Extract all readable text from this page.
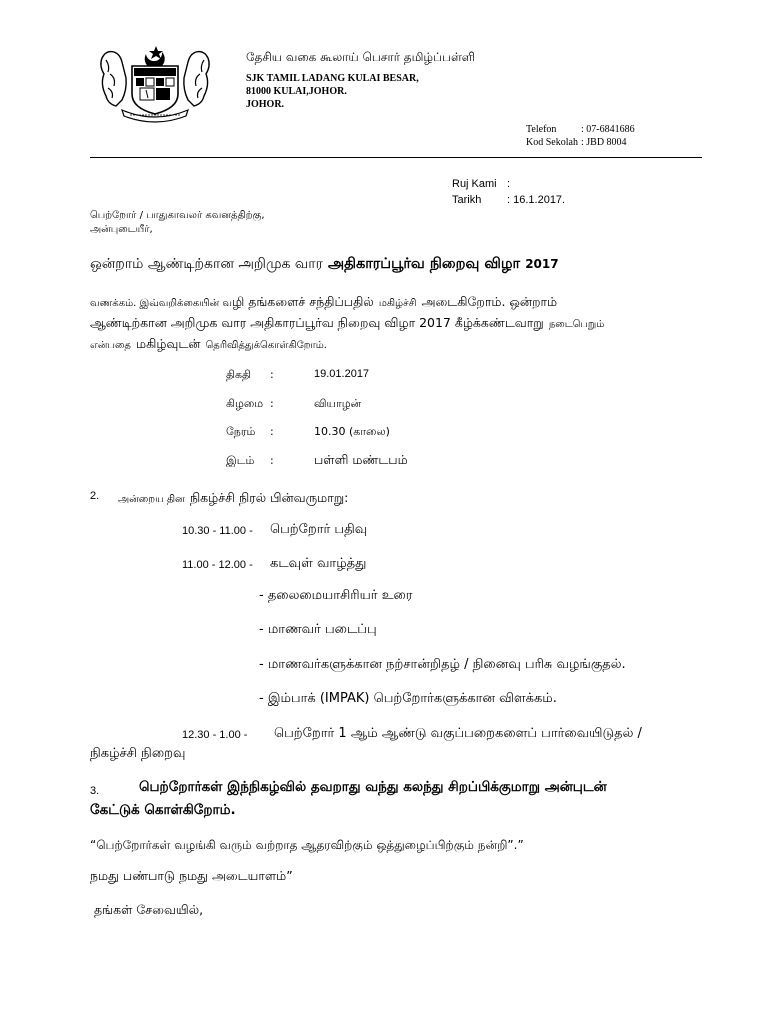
தேசிய வகை கூலாய் பெசார் தமிழ்ப்பள்ளி
SJK TAMIL LADANG KULAI BESAR,
81000 KULAI,JOHOR.
JOHOR.
Telefon : 07-6841686
Kod Sekolah : JBD 8004
Ruj Kami :
Tarikh : 16.1.2017.
பெற்றோர் / பாதுகாவலர் கவனத்திற்கு,
அன்புடையீர்,
ஒன்றாம் ஆண்டிற்கான அறிமுக வார அதிகாரப்பூர்வ நிறைவு விழா 2017
வணக்கம். இவ்வறிக்கையின் வழி தங்களைச் சந்திப்பதில் மகிழ்ச்சி அடைகிறோம். ஒன்றாம்
ஆண்டிற்கான அறிமுக வார அதிகாரப்பூர்வ நிறைவு விழா 2017 கீழ்க்கண்டவாறு நடைபெறும்
என்பதை மகிழ்வுடன் தெரிவித்துக்கொள்கிறோம்.
திகதி :	19.01.2017
கிழமை :	வியாழன்
நேரம் :	10.30 (காலை)
இடம் :	பள்ளி மண்டபம்
2. அன்றைய தின நிகழ்ச்சி நிரல் பின்வருமாறு:
10.30 - 11.00 - பெற்றோர் பதிவு
11.00 - 12.00 - கடவுள் வாழ்த்து
- தலைமையாசிரியர் உரை
- மாணவர் படைப்பு
- மாணவர்களுக்கான நற்சான்றிதழ் / நினைவு பரிசு வழங்குதல்.
- இம்பாக் (IMPAK) பெற்றோர்களுக்கான விளக்கம்.
12.30 - 1.00 - பெற்றோர் 1 ஆம் ஆண்டு வகுப்பறைகளைப் பார்வையிடுதல் /
நிகழ்ச்சி நிறைவு
3.	பெற்றோர்கள் இந்நிகழ்வில் தவறாது வந்து கலந்து சிறப்பிக்குமாறு அன்புடன்
கேட்டுக் கொள்கிறோம்.
“பெற்றோர்கள் வழங்கி வரும் வற்றாத ஆதரவிற்கும் ஒத்துழைப்பிற்கும் நன்றி”.”
நமது பண்பாடு நமது அடையாளம்”
தங்கள் சேவையில்,
